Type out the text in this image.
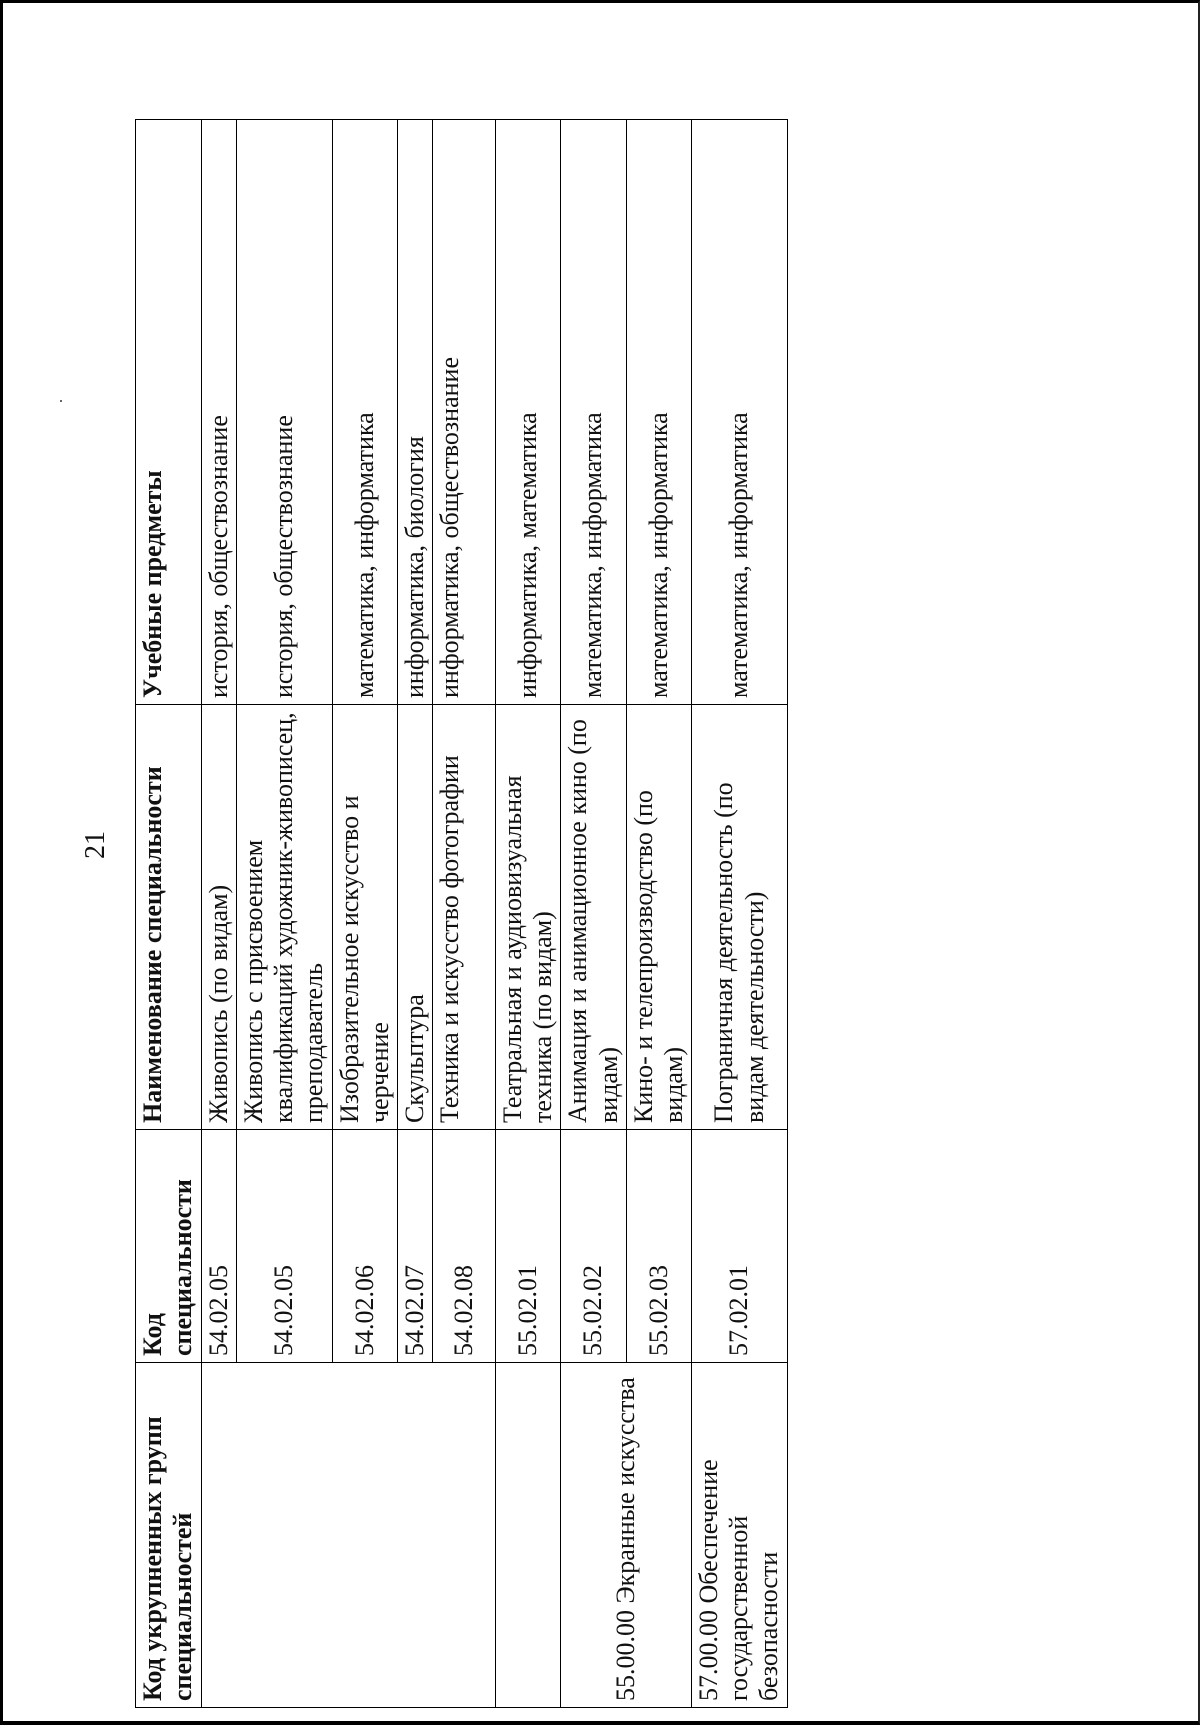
21
Код укрупненных групп специальностей	Код специальности	Наименование специальности	Учебные предметы
	54.02.05	Живопись (по видам)	история, обществознание
	54.02.05	Живопись с присвоением квалификаций художник-живописец, преподаватель	история, обществознание
	54.02.06	Изобразительное искусство и черчение	математика, информатика
	54.02.07	Скульптура	информатика, биология
	54.02.08	Техника и искусство фотографии	информатика, обществознание
	55.02.01	Театральная и аудиовизуальная техника (по видам)	информатика, математика
55.00.00 Экранные искусства	55.02.02	Анимация и анимационное кино (по видам)	математика, информатика
	55.02.03	Кино- и телепроизводство (по видам)	математика, информатика
57.00.00 Обеспечение государственной безопасности	57.02.01	Пограничная деятельность (по видам деятельности)	математика, информатика
